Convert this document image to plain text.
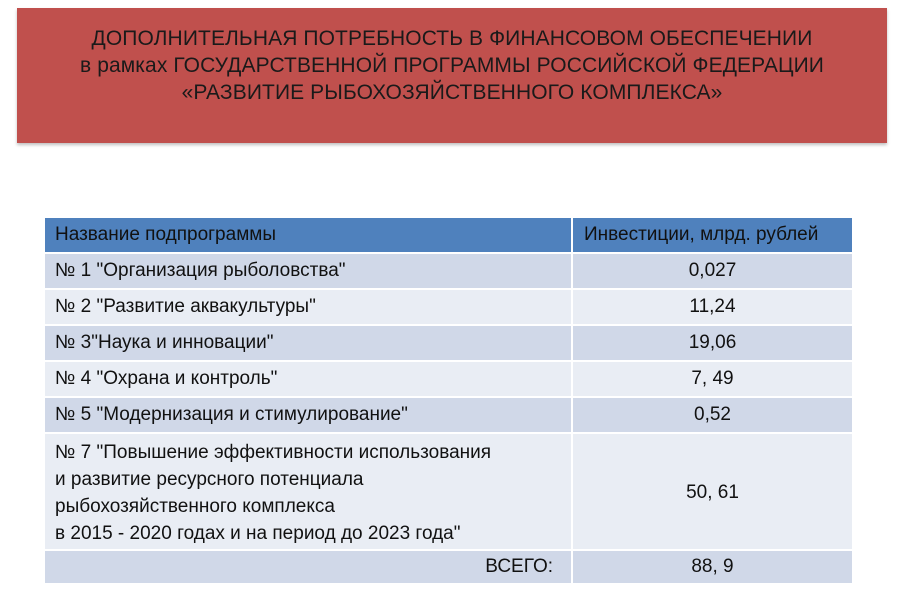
ДОПОЛНИТЕЛЬНАЯ ПОТРЕБНОСТЬ В ФИНАНСОВОМ ОБЕСПЕЧЕНИИ
в рамках ГОСУДАРСТВЕННОЙ ПРОГРАММЫ РОССИЙСКОЙ ФЕДЕРАЦИИ
«РАЗВИТИЕ РЫБОХОЗЯЙСТВЕННОГО КОМПЛЕКСА»
Название подпрограммы	Инвестиции, млрд. рублей
№ 1 "Организация рыболовства"	0,027
№ 2 "Развитие аквакультуры"	11,24
№ 3"Наука и инновации"	19,06
№ 4 "Охрана и контроль"	7, 49
№ 5 "Модернизация и стимулирование"	0,52

№ 7 "Повышение эффективности использования
и развитие ресурсного потенциала
рыбохозяйственного комплекса
в 2015 - 2020 годах и на период до 2023 года"	50, 61
ВСЕГО:	88, 9
